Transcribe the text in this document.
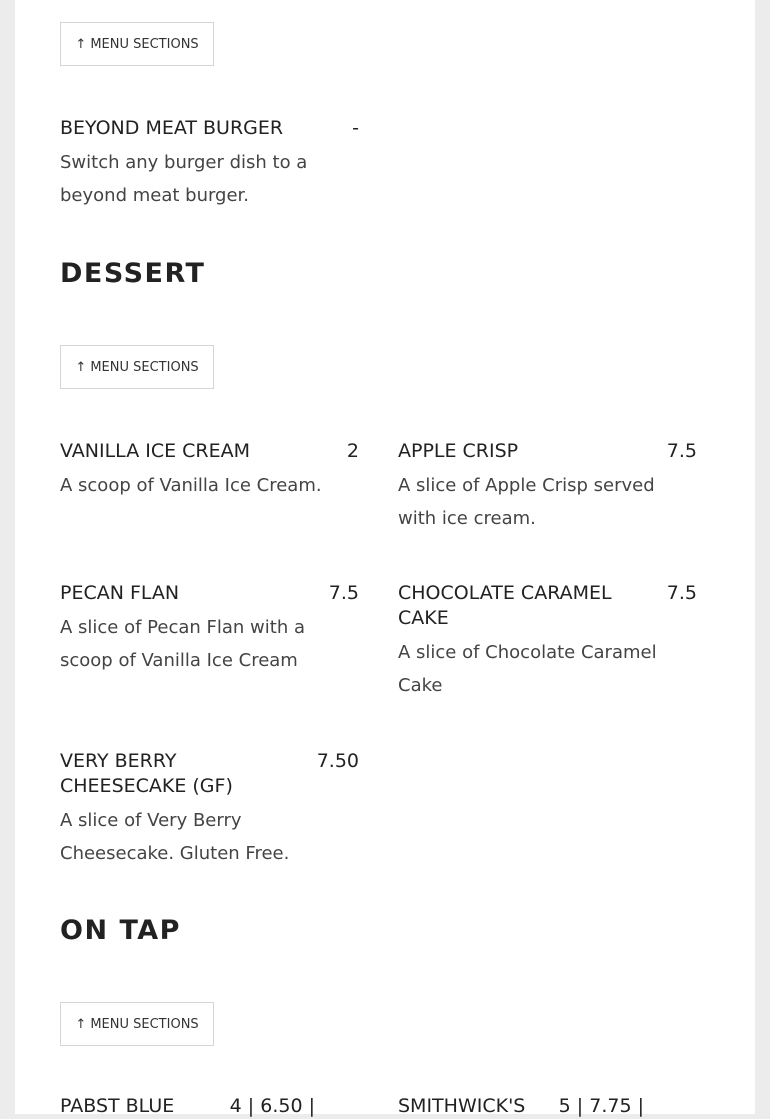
↑ MENU SECTIONS
BEYOND MEAT BURGER	-
Switch any burger dish to a beyond meat burger.
DESSERT
↑ MENU SECTIONS
VANILLA ICE CREAM	2
A scoop of Vanilla Ice Cream.
APPLE CRISP	7.5
A slice of Apple Crisp served with ice cream.
PECAN FLAN	7.5
A slice of Pecan Flan with a scoop of Vanilla Ice Cream
CHOCOLATE CARAMEL CAKE
7.5
A slice of Chocolate Caramel Cake
VERY BERRY CHEESECAKE (GF)
7.50
A slice of Very Berry Cheesecake. Gluten Free.
ON TAP
↑ MENU SECTIONS
PABST BLUE	4 | 6.50 |	SMITHWICK'S	5 | 7.75 |
